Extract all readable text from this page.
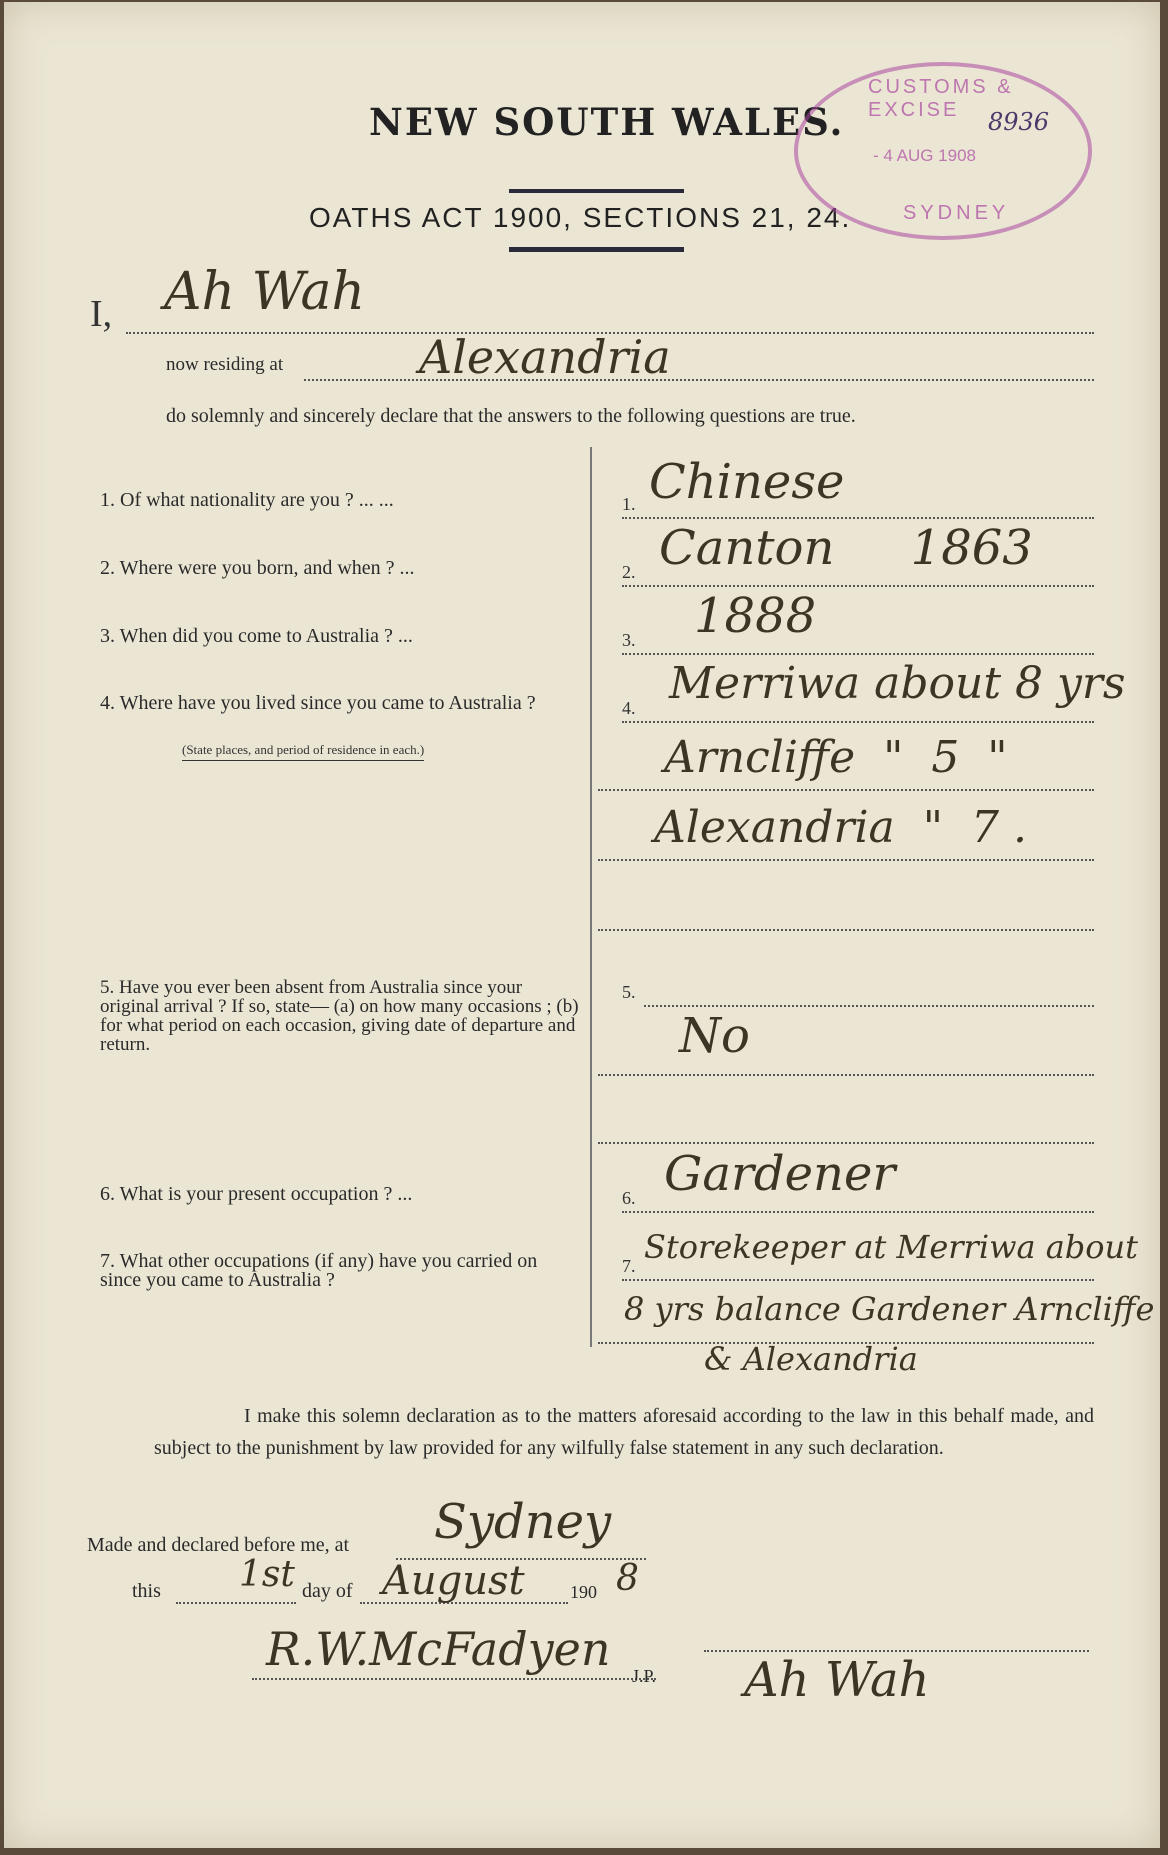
NEW SOUTH WALES.
OATHS ACT 1900, SECTIONS 21, 24.
CUSTOMS & EXCISE	8936
- 4 AUG 1908
SYDNEY
I, Ah Wah
now residing at	Alexandria
do solemnly and sincerely declare that the answers to the following questions are true.
1. Of what nationality are you ? ... ...	1. Chinese
2. Where were you born, and when ? ...	2. Canton     1863
3. When did you come to Australia ? ...	3. 1888
4. Where have you lived since you came to Australia ?
(State places, and period of residence in each.)
4. Merriwa about 8 yrs
Arncliffe  "  5  "
Alexandria  "  7 .
5. Have you ever been absent from Australia since your original arrival ? If so, state— (a) on how many occasions ; (b) for what period on each occasion, giving date of departure and return.
5.
No
6. What is your present occupation ? ...	6. Gardener
7. What other occupations (if any) have you carried on since you came to Australia ?
7. Storekeeper at Merriwa about
8 yrs balance Gardener Arncliffe
& Alexandria
I make this solemn declaration as to the matters aforesaid according to the law in this behalf made, and subject to the punishment by law provided for any wilfully false statement in any such declaration.
Made and declared before me, at Sydney
this 1st day of August	190 8
R.W.McFadyen J.P. Ah Wah
